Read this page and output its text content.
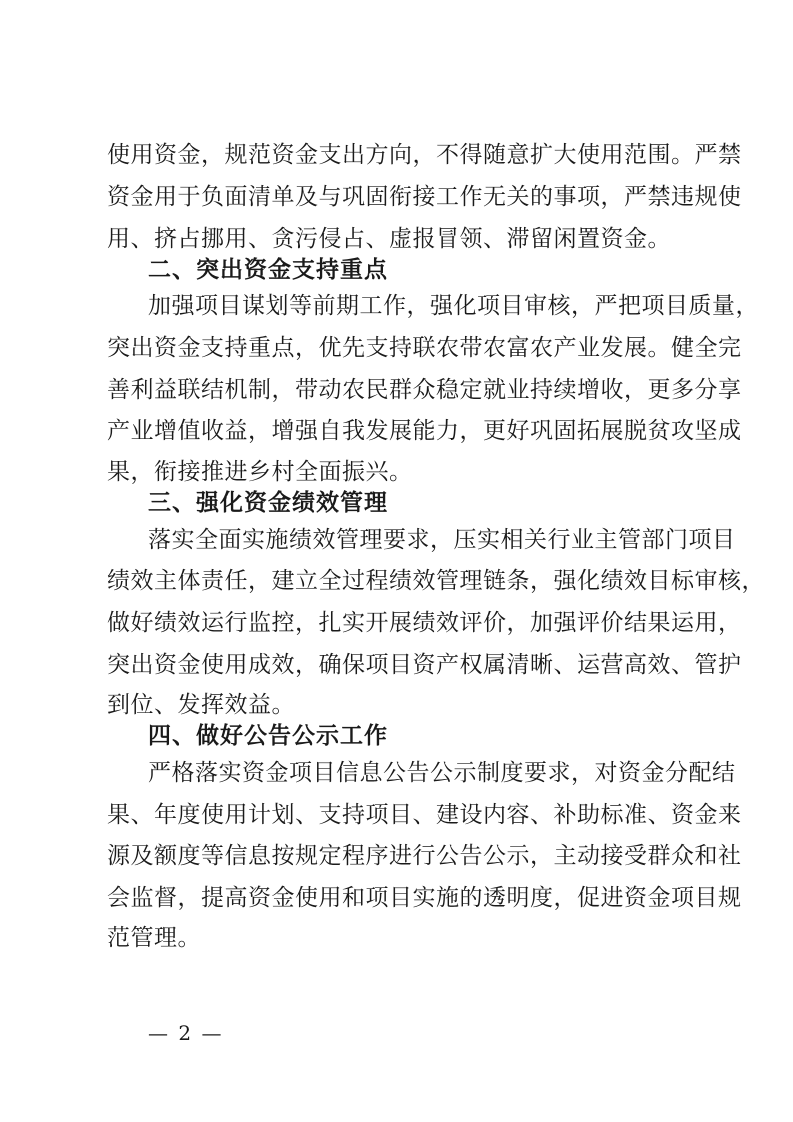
使用资金，规范资金支出方向，不得随意扩大使用范围。严禁
资金用于负面清单及与巩固衔接工作无关的事项，严禁违规使
用、挤占挪用、贪污侵占、虚报冒领、滞留闲置资金。
二、突出资金支持重点
加强项目谋划等前期工作，强化项目审核，严把项目质量，
突出资金支持重点，优先支持联农带农富农产业发展。健全完
善利益联结机制，带动农民群众稳定就业持续增收，更多分享
产业增值收益，增强自我发展能力，更好巩固拓展脱贫攻坚成
果，衔接推进乡村全面振兴。
三、强化资金绩效管理
落实全面实施绩效管理要求，压实相关行业主管部门项目
绩效主体责任，建立全过程绩效管理链条，强化绩效目标审核，
做好绩效运行监控，扎实开展绩效评价，加强评价结果运用，
突出资金使用成效，确保项目资产权属清晰、运营高效、管护
到位、发挥效益。
四、做好公告公示工作
严格落实资金项目信息公告公示制度要求，对资金分配结
果、年度使用计划、支持项目、建设内容、补助标准、资金来
源及额度等信息按规定程序进行公告公示，主动接受群众和社
会监督，提高资金使用和项目实施的透明度，促进资金项目规
范管理。
— 2 —
